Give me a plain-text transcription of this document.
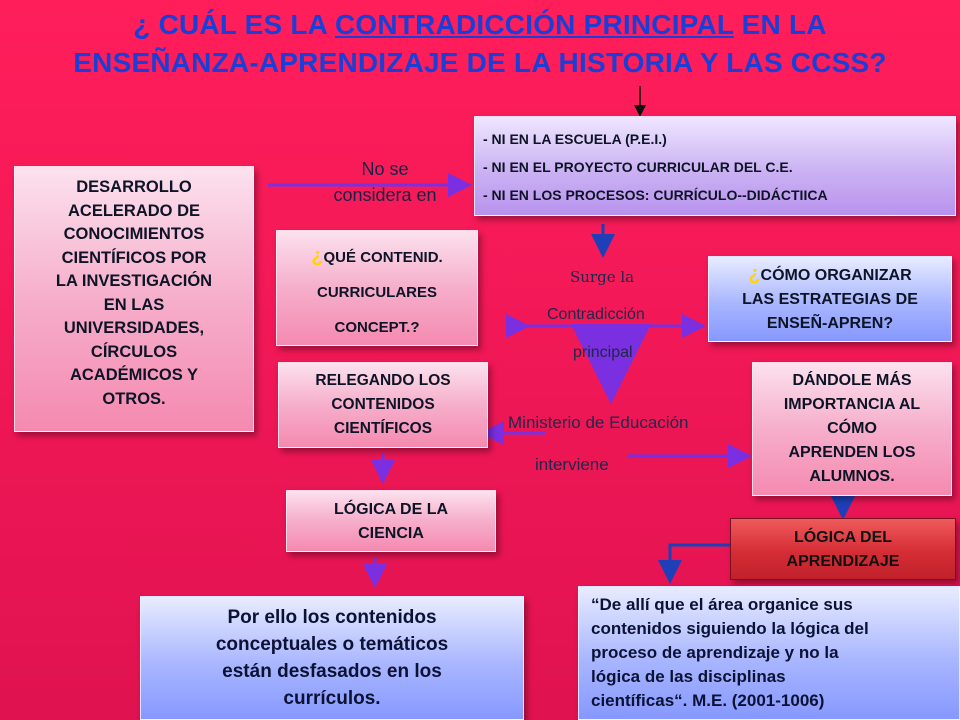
¿ CUÁL ES LA CONTRADICCIÓN PRINCIPAL EN LA
ENSEÑANZA-APRENDIZAJE DE LA HISTORIA Y LAS CCSS?
DESARROLLO
ACELERADO DE
CONOCIMIENTOS
CIENTÍFICOS POR
LA INVESTIGACIÓN
EN LAS
UNIVERSIDADES,
CÍRCULOS
ACADÉMICOS Y
OTROS.
No se
considera en
- NI EN LA ESCUELA (P.E.I.)
- NI EN EL PROYECTO CURRICULAR DEL C.E.
- NI EN LOS PROCESOS: CURRÍCULO--DIDÁCTIICA
¿QUÉ CONTENID.
CURRICULARES
CONCEPT.?
Surge la
Contradicción
principal
¿CÓMO ORGANIZAR
LAS ESTRATEGIAS DE
ENSEÑ-APREN?
RELEGANDO LOS
CONTENIDOS
CIENTÍFICOS	Ministerio de Educación
interviene
DÁNDOLE MÁS
IMPORTANCIA AL
CÓMO
APRENDEN LOS
ALUMNOS.
LÓGICA DE LA
CIENCIA	LÓGICA DEL
APRENDIZAJE
Por ello los contenidos
conceptuales o temáticos
están desfasados en los
currículos.
“De allí que el área organice sus
contenidos siguiendo la lógica del
proceso de aprendizaje y no la
lógica de las disciplinas
científicas“. M.E. (2001-1006)
